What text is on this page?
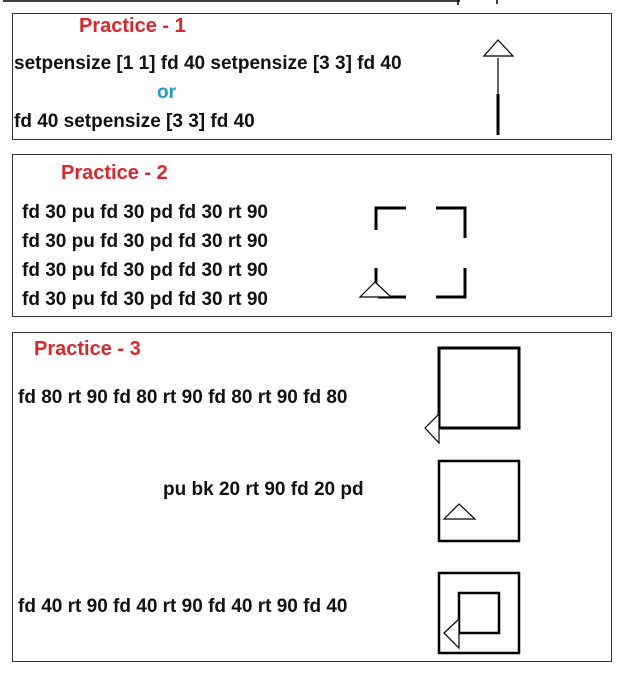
Practice - 1
setpensize [1 1] fd 40 setpensize [3 3] fd 40
or
fd 40 setpensize [3 3] fd 40
Practice - 2
fd 30 pu fd 30 pd fd 30 rt 90
fd 30 pu fd 30 pd fd 30 rt 90
fd 30 pu fd 30 pd fd 30 rt 90
fd 30 pu fd 30 pd fd 30 rt 90
Practice - 3
fd 80 rt 90 fd 80 rt 90 fd 80 rt 90 fd 80
pu bk 20 rt 90 fd 20 pd
fd 40 rt 90 fd 40 rt 90 fd 40 rt 90 fd 40
